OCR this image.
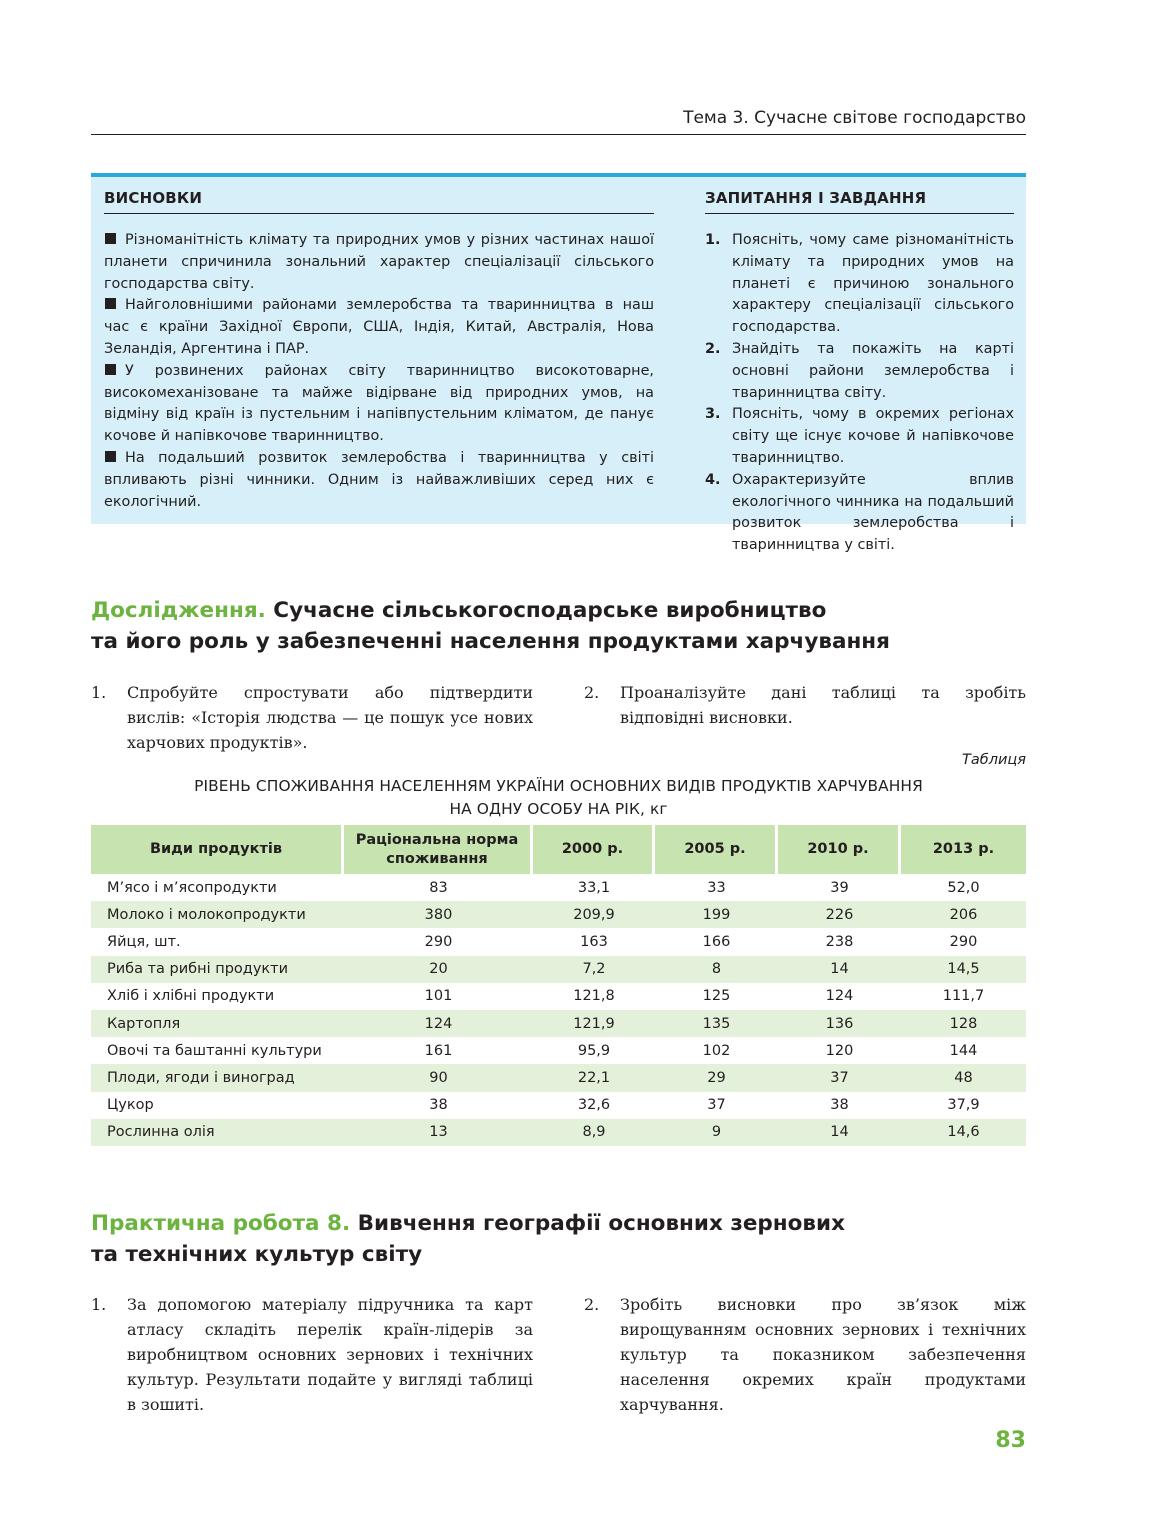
Тема 3. Сучасне світове господарство
ВИСНОВКИ

Різноманітність клімату та природних умов у різних частинах нашої планети спричинила зональний характер спеціалізації сільського господарства світу.

Найголовнішими районами землеробства та тваринництва в наш час є країни Західної Європи, США, Індія, Китай, Австралія, Нова Зеландія, Аргентина і ПАР.

У розвинених районах світу тваринництво високотоварне, високомеханізоване та майже відірване від природних умов, на відміну від країн із пустельним і напівпустельним кліматом, де панує кочове й напівкочове тваринництво.

На подальший розвиток землеробства і тваринництва у світі впливають різні чинники. Одним із найважливіших серед них є екологічний.

ЗАПИТАННЯ І ЗАВДАННЯ
1. Поясніть, чому саме різноманітність клімату та природних умов на планеті є причиною зонального характеру спеціалізації сільського господарства.
2. Знайдіть та покажіть на карті основні райони землеробства і тваринництва світу.
3. Поясніть, чому в окремих регіонах світу ще існує кочове й напівкочове тваринництво.
4. Охарактеризуйте вплив екологічного чинника на подальший розвиток землеробства і тваринництва у світі.
Дослідження. Сучасне сільськогосподарське виробництво
та його роль у забезпеченні населення продуктами харчування
1.	Спробуйте спростувати або підтвердити вислів: «Історія людства — це пошук усе нових харчових продуктів».
2.	Проаналізуйте дані таблиці та зробіть відповідні висновки.
Таблиця
РІВЕНЬ СПОЖИВАННЯ НАСЕЛЕННЯМ УКРАЇНИ ОСНОВНИХ ВИДІВ ПРОДУКТІВ ХАРЧУВАННЯ
НА ОДНУ ОСОБУ НА РІК, кг
Види продуктів	Раціональна норма споживання	2000 р.	2005 р.	2010 р.	2013 р.
М’ясо і м’ясопродукти	83	33,1	33	39	52,0
Молоко і молокопродукти	380	209,9	199	226	206
Яйця, шт.	290	163	166	238	290
Риба та рибні продукти	20	7,2	8	14	14,5
Хліб і хлібні продукти	101	121,8	125	124	111,7
Картопля	124	121,9	135	136	128
Овочі та баштанні культури	161	95,9	102	120	144
Плоди, ягоди і виноград	90	22,1	29	37	48
Цукор	38	32,6	37	38	37,9
Рослинна олія	13	8,9	9	14	14,6
Практична робота 8. Вивчення географії основних зернових
та технічних культур світу
1.	За допомогою матеріалу підручника та карт атласу складіть перелік країн-лідерів за виробництвом основних зернових і технічних культур. Результати подайте у вигляді таблиці в зошиті.
2.	Зробіть висновки про зв’язок між вирощуванням основних зернових і технічних культур та показником забезпечення населення окремих країн продуктами харчування.
83
